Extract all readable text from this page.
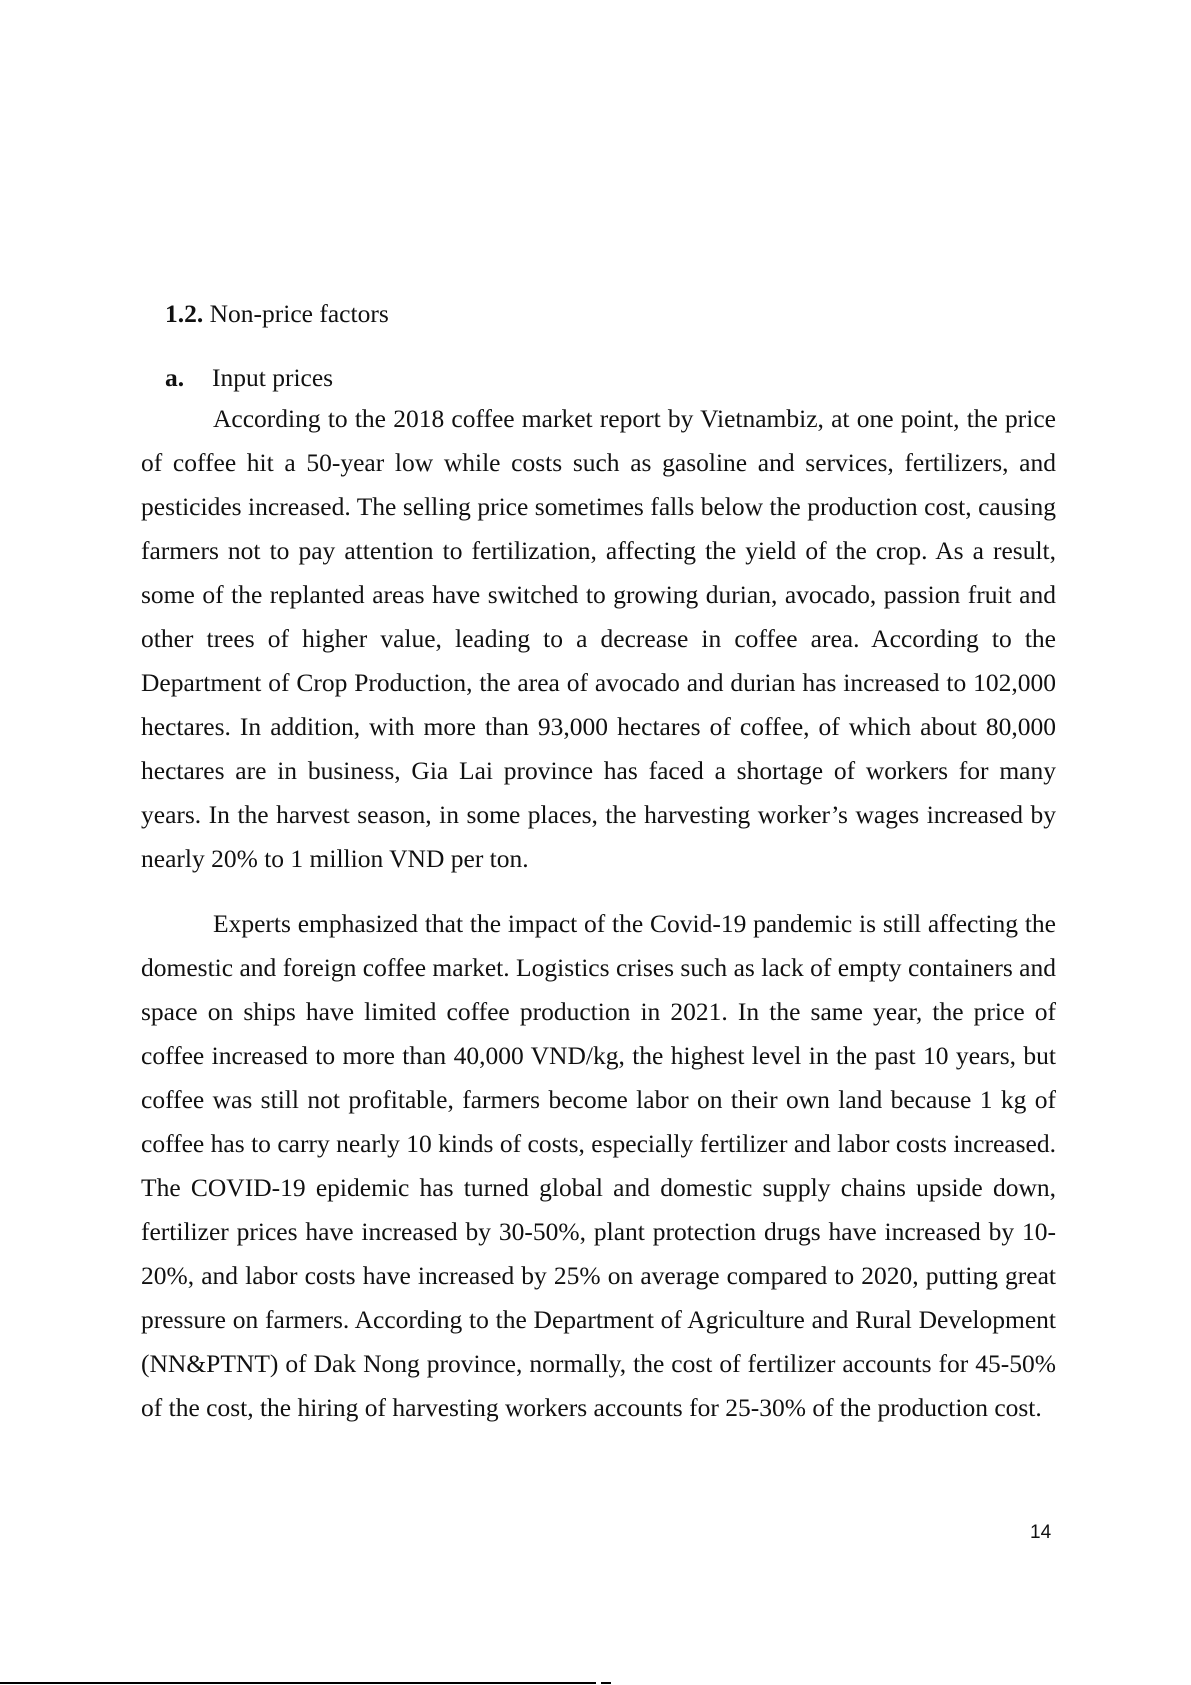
1.2. Non-price factors
a. Input prices
According to the 2018 coffee market report by Vietnambiz, at one point, the price
of coffee hit a 50-year low while costs such as gasoline and services, fertilizers, and
pesticides increased. The selling price sometimes falls below the production cost, causing
farmers not to pay attention to fertilization, affecting the yield of the crop. As a result,
some of the replanted areas have switched to growing durian, avocado, passion fruit and
other trees of higher value, leading to a decrease in coffee area. According to the
Department of Crop Production, the area of avocado and durian has increased to 102,000
hectares. In addition, with more than 93,000 hectares of coffee, of which about 80,000
hectares are in business, Gia Lai province has faced a shortage of workers for many
years. In the harvest season, in some places, the harvesting worker’s wages increased by
nearly 20% to 1 million VND per ton.
Experts emphasized that the impact of the Covid-19 pandemic is still affecting the
domestic and foreign coffee market. Logistics crises such as lack of empty containers and
space on ships have limited coffee production in 2021. In the same year, the price of
coffee increased to more than 40,000 VND/kg, the highest level in the past 10 years, but
coffee was still not profitable, farmers become labor on their own land because 1 kg of
coffee has to carry nearly 10 kinds of costs, especially fertilizer and labor costs increased.
The COVID-19 epidemic has turned global and domestic supply chains upside down,
fertilizer prices have increased by 30-50%, plant protection drugs have increased by 10-
20%, and labor costs have increased by 25% on average compared to 2020, putting great
pressure on farmers. According to the Department of Agriculture and Rural Development
(NN&PTNT) of Dak Nong province, normally, the cost of fertilizer accounts for 45-50%
of the cost, the hiring of harvesting workers accounts for 25-30% of the production cost.
14
